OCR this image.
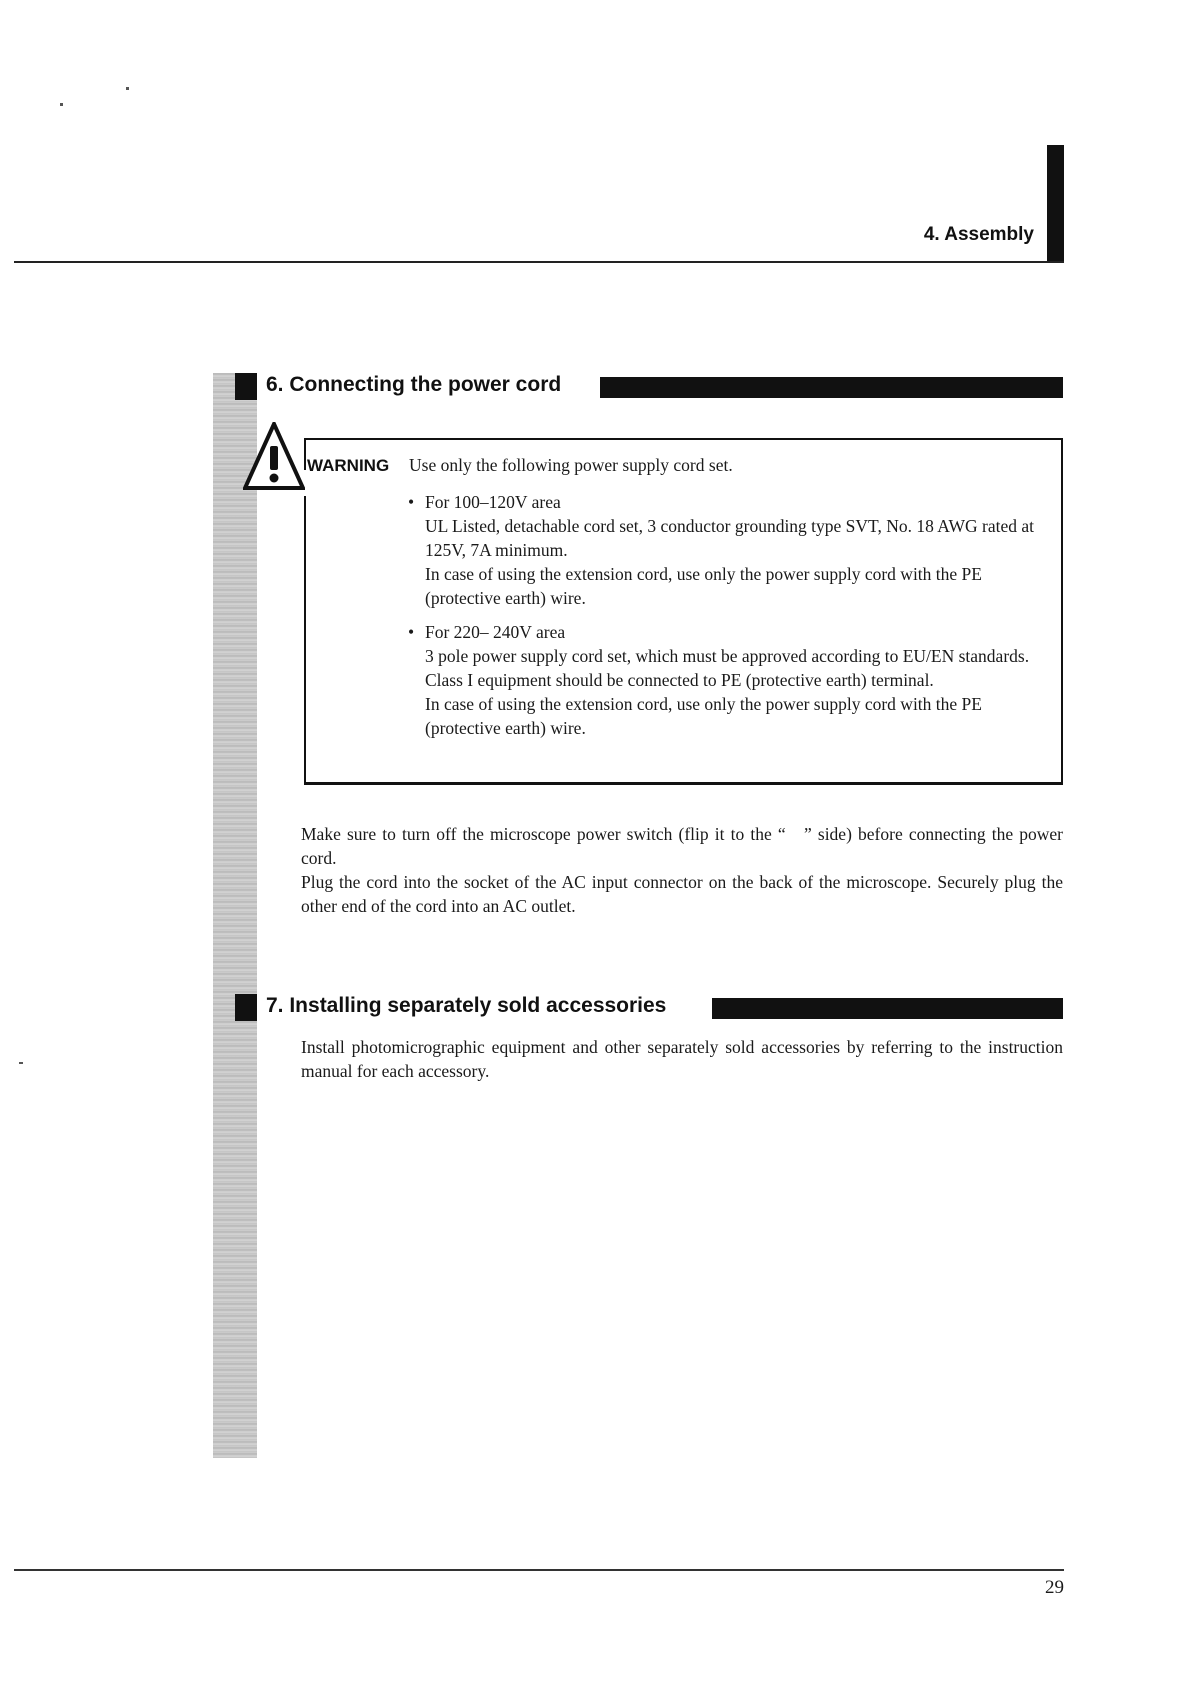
4. Assembly
6. Connecting the power cord
WARNING Use only the following power supply cord set.
• For 100–120V area

UL Listed, detachable cord set, 3 conductor grounding type SVT, No. 18 AWG rated at 125V, 7A minimum.

In case of using the extension cord, use only the power supply cord with the PE (protective earth) wire.

• For 220– 240V area

3 pole power supply cord set, which must be approved according to EU/EN standards.

Class I equipment should be connected to PE (protective earth) terminal.

In case of using the extension cord, use only the power supply cord with the PE (protective earth) wire.

Make sure to turn off the microscope power switch (flip it to the “   ” side) before connecting the power cord.

Plug the cord into the socket of the AC input connector on the back of the microscope. Securely plug the other end of the cord into an AC outlet.

7. Installing separately sold accessories

Install photomicrographic equipment and other separately sold accessories by referring to the instruction manual for each accessory.

29
